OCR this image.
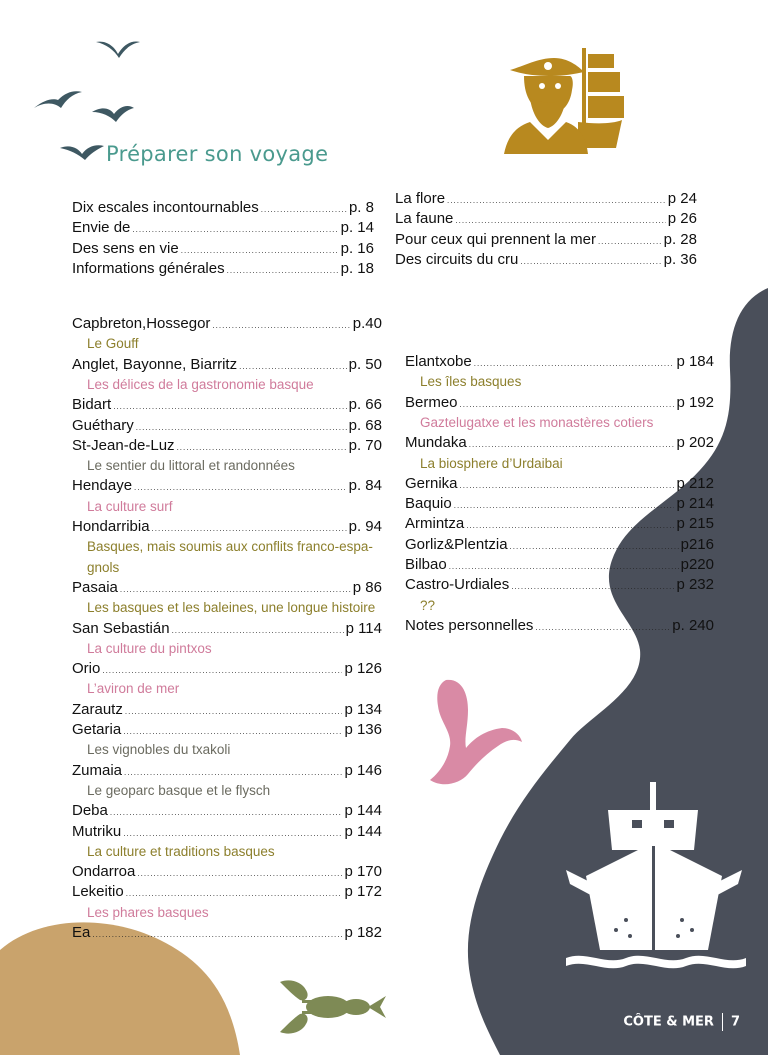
Préparer son voyage
Dix escales incontournables .....	p. 8
Envie de .....	p. 14
Des sens en vie .....	p. 16
Informations générales .....	p. 18
La flore .....	p 24
La faune .....	p 26
Pour ceux qui prennent la mer .....	p. 28
Des circuits du cru .....	p. 36
Capbreton,Hossegor .....	p.40
Le Gouff
Anglet, Bayonne, Biarritz .....	p. 50
Les délices de la gastronomie basque
Bidart .....	p. 66
Guéthary .....	p. 68
St-Jean-de-Luz .....	p. 70
Le sentier du littoral et randonnées
Hendaye .....	p. 84
La culture surf
Hondarribia .....	p. 94
Basques, mais soumis aux conflits franco-espa-
gnols
Pasaia .....	p 86
Les basques et les baleines, une longue histoire
San Sebastián .....	p 114
La culture du pintxos
Orio .....	p 126
L’aviron de mer
Zarautz .....	p 134
Getaria .....	p 136
Les vignobles du txakoli
Zumaia .....	p 146
Le geoparc basque et le flysch
Deba .....	p 144
Mutriku .....	p 144
La culture et traditions basques
Ondarroa .....	p 170
Lekeitio .....	p 172
Les phares basques
Ea .....	p 182
Elantxobe .....	p 184
Les îles basques
Bermeo .....	p 192
Gaztelugatxe et les monastères cotiers
Mundaka .....	p 202
La biosphere d’Urdaibai
Gernika .....	p 212
Baquio .....	p 214
Armintza .....	p 215
Gorliz&Plentzia .....	p216
Bilbao .....	p220
Castro-Urdiales .....	p 232
??
Notes personnelles .....	p. 240
CÔTE & MER 7
